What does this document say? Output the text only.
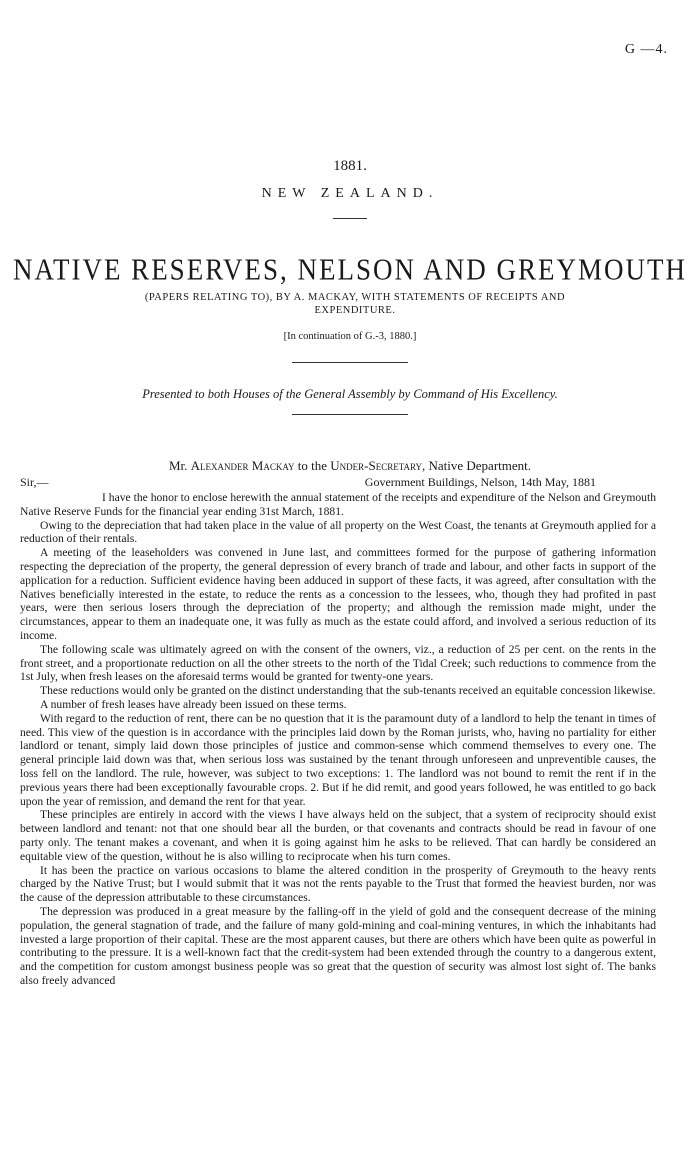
G —4.
1881.
NEW ZEALAND.
NATIVE RESERVES, NELSON AND GREYMOUTH
(PAPERS RELATING TO), BY A. MACKAY, WITH STATEMENTS OF RECEIPTS AND EXPENDITURE.
[In continuation of G.-3, 1880.]
Presented to both Houses of the General Assembly by Command of His Excellency.
Mr. Alexander Mackay to the Under-Secretary, Native Department.
Sir,—	Government Buildings, Nelson, 14th May, 1881

I have the honor to enclose herewith the annual statement of the receipts and expenditure of the Nelson and Greymouth Native Reserve Funds for the financial year ending 31st March, 1881.

Owing to the depreciation that had taken place in the value of all property on the West Coast, the tenants at Greymouth applied for a reduction of their rentals.

A meeting of the leaseholders was convened in June last, and committees formed for the purpose of gathering information respecting the depreciation of the property, the general depression of every branch of trade and labour, and other facts in support of the application for a reduction. Sufficient evidence having been adduced in support of these facts, it was agreed, after consultation with the Natives beneficially interested in the estate, to reduce the rents as a concession to the lessees, who, though they had profited in past years, were then serious losers through the depreciation of the property; and although the remission made might, under the circumstances, appear to them an inadequate one, it was fully as much as the estate could afford, and involved a serious reduction of its income.

The following scale was ultimately agreed on with the consent of the owners, viz., a reduction of 25 per cent. on the rents in the front street, and a proportionate reduction on all the other streets to the north of the Tidal Creek; such reductions to commence from the 1st July, when fresh leases on the aforesaid terms would be granted for twenty-one years.

These reductions would only be granted on the distinct understanding that the sub-tenants received an equitable concession likewise.

A number of fresh leases have already been issued on these terms.

With regard to the reduction of rent, there can be no question that it is the paramount duty of a landlord to help the tenant in times of need. This view of the question is in accordance with the principles laid down by the Roman jurists, who, having no partiality for either landlord or tenant, simply laid down those principles of justice and common-sense which commend themselves to every one. The general principle laid down was that, when serious loss was sustained by the tenant through unforeseen and unpreventible causes, the loss fell on the landlord. The rule, however, was subject to two exceptions: 1. The landlord was not bound to remit the rent if in the previous years there had been exceptionally favourable crops. 2. But if he did remit, and good years followed, he was entitled to go back upon the year of remission, and demand the rent for that year.

These principles are entirely in accord with the views I have always held on the subject, that a system of reciprocity should exist between landlord and tenant: not that one should bear all the burden, or that covenants and contracts should be read in favour of one party only. The tenant makes a covenant, and when it is going against him he asks to be relieved. That can hardly be considered an equitable view of the question, without he is also willing to reciprocate when his turn comes.

It has been the practice on various occasions to blame the altered condition in the prosperity of Greymouth to the heavy rents charged by the Native Trust; but I would submit that it was not the rents payable to the Trust that formed the heaviest burden, nor was the cause of the depression attributable to these circumstances.

The depression was produced in a great measure by the falling-off in the yield of gold and the consequent decrease of the mining population, the general stagnation of trade, and the failure of many gold-mining and coal-mining ventures, in which the inhabitants had invested a large proportion of their capital. These are the most apparent causes, but there are others which have been quite as powerful in contributing to the pressure. It is a well-known fact that the credit-system had been extended through the country to a dangerous extent, and the competition for custom amongst business people was so great that the question of security was almost lost sight of. The banks also freely advanced
